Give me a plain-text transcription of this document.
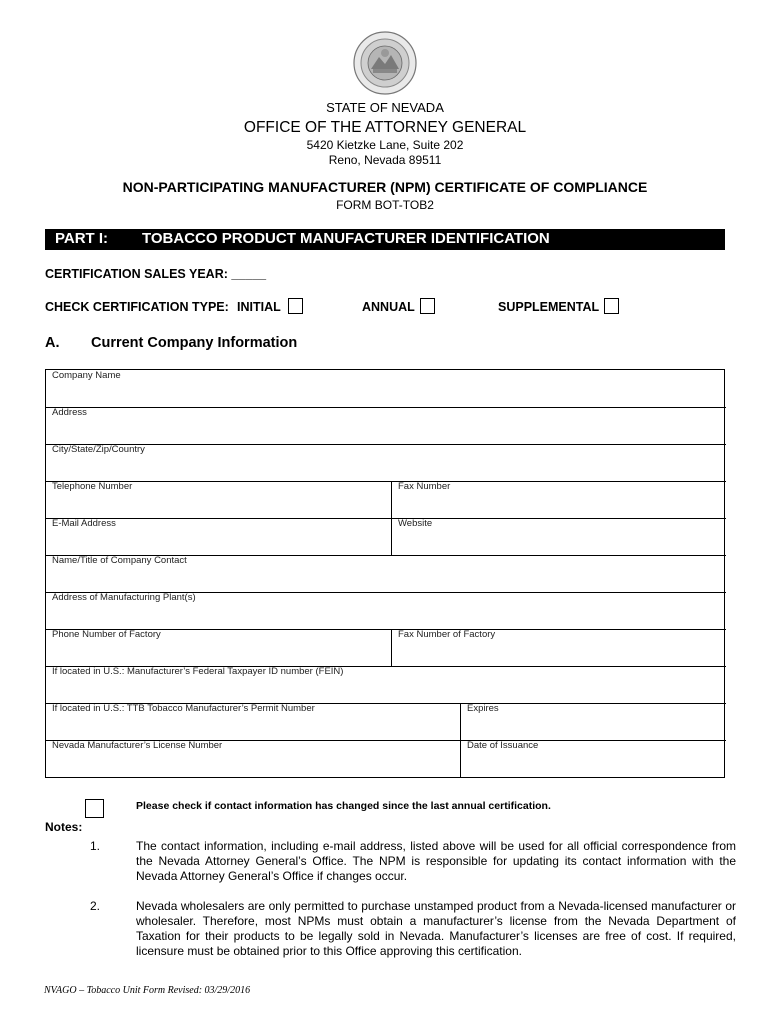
STATE OF NEVADA
OFFICE OF THE ATTORNEY GENERAL
5420 Kietzke Lane, Suite 202
Reno, Nevada 89511
NON-PARTICIPATING MANUFACTURER (NPM) CERTIFICATE OF COMPLIANCE
FORM BOT-TOB2
PART I: TOBACCO PRODUCT MANUFACTURER IDENTIFICATION
CERTIFICATION SALES YEAR: _____
CHECK CERTIFICATION TYPE: INITIAL	ANNUAL	SUPPLEMENTAL
A. Current Company Information
Company Name
Address
City/State/Zip/Country
Telephone Number	Fax Number
E-Mail Address	Website
Name/Title of Company Contact
Address of Manufacturing Plant(s)
Phone Number of Factory	Fax Number of Factory
If located in U.S.: Manufacturer’s Federal Taxpayer ID number (FEIN)
If located in U.S.: TTB Tobacco Manufacturer’s Permit Number	Expires
Nevada Manufacturer’s License Number	Date of Issuance
Please check if contact information has changed since the last annual certification.
Notes:
1.	The contact information, including e-mail address, listed above will be used for all official correspondence from the Nevada Attorney General’s Office. The NPM is responsible for updating its contact information with the Nevada Attorney General’s Office if changes occur.
2.	Nevada wholesalers are only permitted to purchase unstamped product from a Nevada-licensed manufacturer or wholesaler. Therefore, most NPMs must obtain a manufacturer’s license from the Nevada Department of Taxation for their products to be legally sold in Nevada. Manufacturer’s licenses are free of cost. If required, licensure must be obtained prior to this Office approving this certification.
NVAGO – Tobacco Unit Form Revised: 03/29/2016
